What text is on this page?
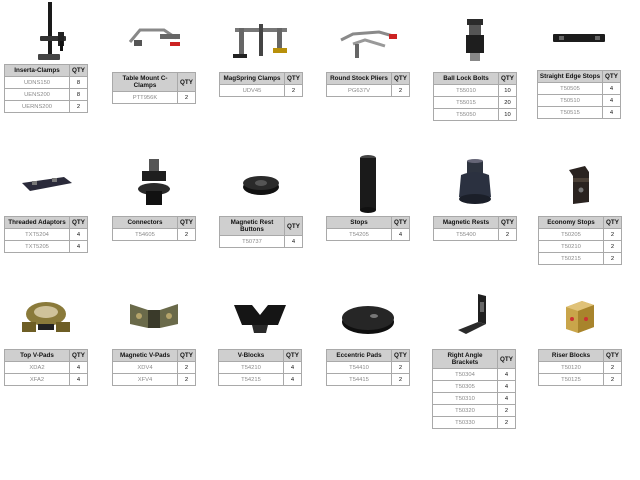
Inserta-Clamps	QTY
UDNS150	8
UENS200	8
UERNS200	2
Table Mount C-Clamps	QTY
PTT956K	2
MagSpring Clamps	QTY
UDV45	2
Round Stock Pliers	QTY
PG637V	2
Ball Lock Bolts	QTY
T55010	10
T55015	20
T55050	10
Straight Edge Stops	QTY
T50505	4
T50510	4
T50515	4
Threaded Adaptors	QTY
TXT5204	4
TXT5205	4
Connectors	QTY
T54605	2
Magnetic Rest Buttons	QTY
T50737	4
Stops	QTY
T54205	4
Magnetic Rests	QTY
T55400	2
Economy Stops	QTY
T50205	2
T50210	2
T50215	2
Top V-Pads	QTY
XDA2	4
XFA2	4
Magnetic V-Pads	QTY
XDV4	2
XFV4	2
V-Blocks	QTY
T54210	4
T54215	4
Eccentric Pads	QTY
T54410	2
T54415	2
Right Angle Brackets	QTY
T50304	4
T50305	4
T50310	4
T50320	2
T50330	2
Riser Blocks	QTY
T50120	2
T50125	2
